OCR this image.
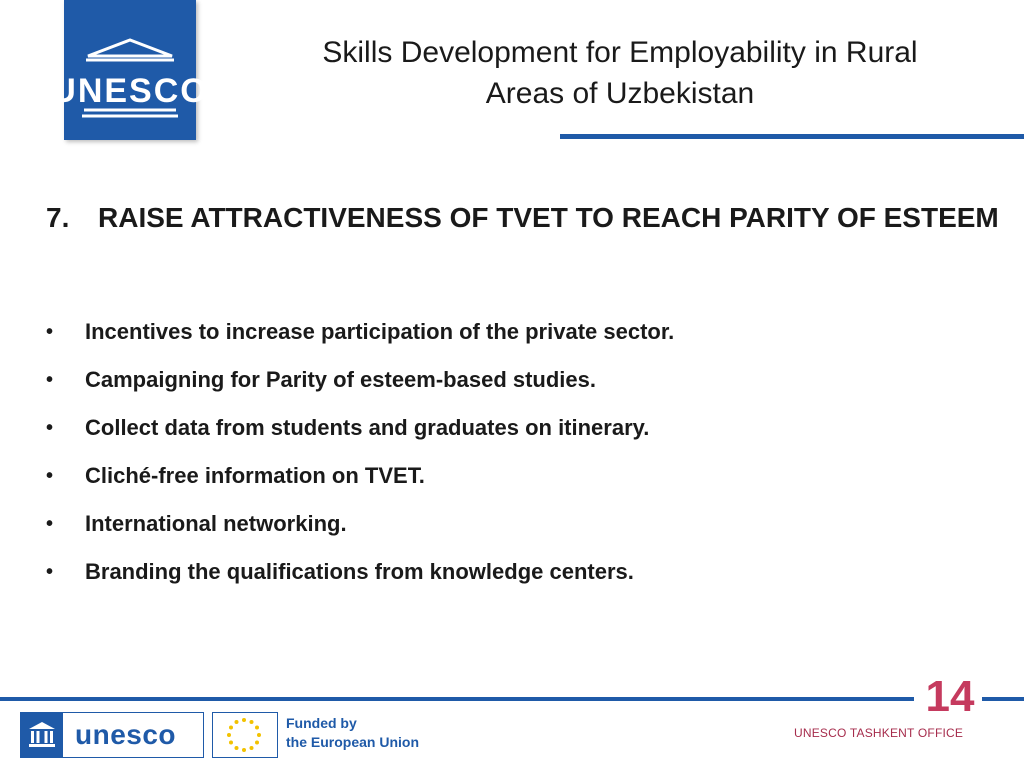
UNESCO
Skills Development for Employability in Rural
Areas of Uzbekistan
7. RAISE ATTRACTIVENESS OF TVET TO REACH PARITY OF ESTEEM
•	Incentives to increase participation of the private sector.
•	Campaigning for Parity of esteem-based studies.
•	Collect data from students and graduates on itinerary.
•	Cliché-free information on TVET.
•	International networking.
•	Branding the qualifications from knowledge centers.
14
UNESCO TASHKENT OFFICE
unesco	Funded by
the European Union
